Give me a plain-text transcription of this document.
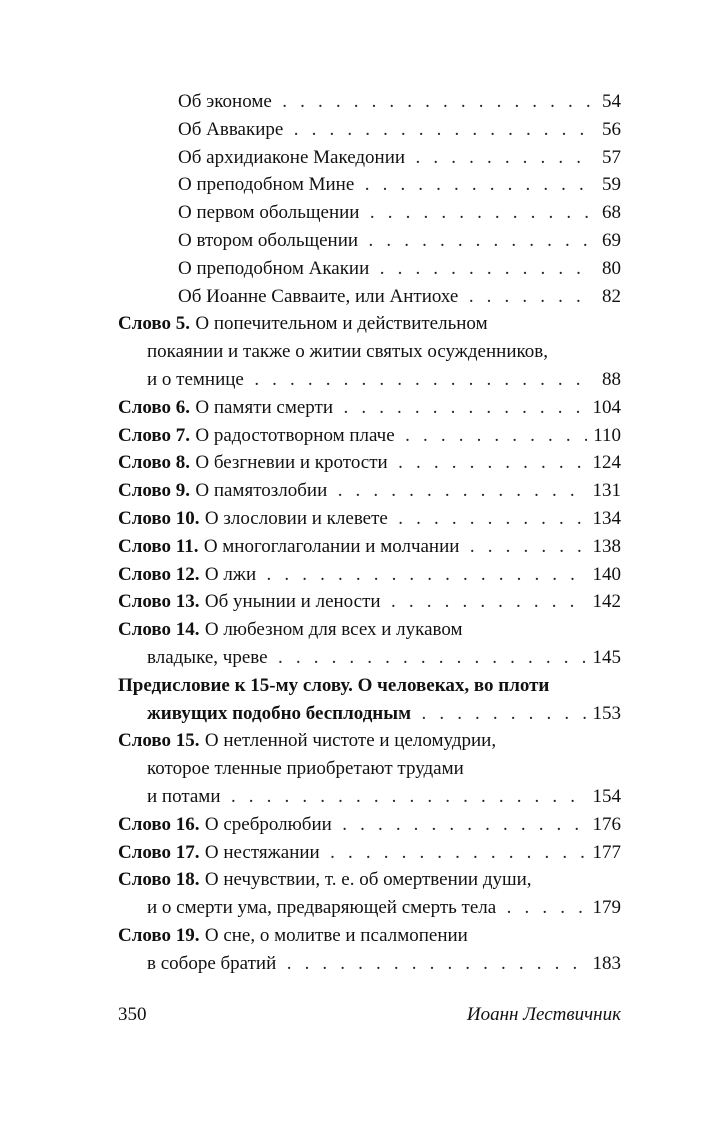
Об экономе . . .	54
Об Аввакире . . .	56
Об архидиаконе Македонии . . .	57
О преподобном Мине . . .	59
О первом обольщении . . .	68
О втором обольщении . . .	69
О преподобном Акакии . . .	80
Об Иоанне Савваите, или Антиохе . . .	82
Слово 5. О попечительном и действительном
покаянии и также о житии святых осужденников,
и о темнице . . .	88
Слово 6. О памяти смерти . . .	104
Слово 7. О радостотворном плаче . . .	110
Слово 8. О безгневии и кротости . . .	124
Слово 9. О памятозлобии . . .	131
Слово 10. О злословии и клевете . . .	134
Слово 11. О многоглаголании и молчании . . .	138
Слово 12. О лжи . . .	140
Слово 13. Об унынии и лености . . .	142
Слово 14. О любезном для всех и лукавом
владыке, чреве . . .	145
Предисловие к 15-му слову. О человеках, во плоти
живущих подобно бесплодным . . .	153
Слово 15. О нетленной чистоте и целомудрии,
которое тленные приобретают трудами
и потами . . .	154
Слово 16. О сребролюбии . . .	176
Слово 17. О нестяжании . . .	177
Слово 18. О нечувствии, т. е. об омертвении души,
и о смерти ума, предваряющей смерть тела . . .	179
Слово 19. О сне, о молитве и псалмопении
в соборе братий . . .	183
350	Иоанн Лествичник
